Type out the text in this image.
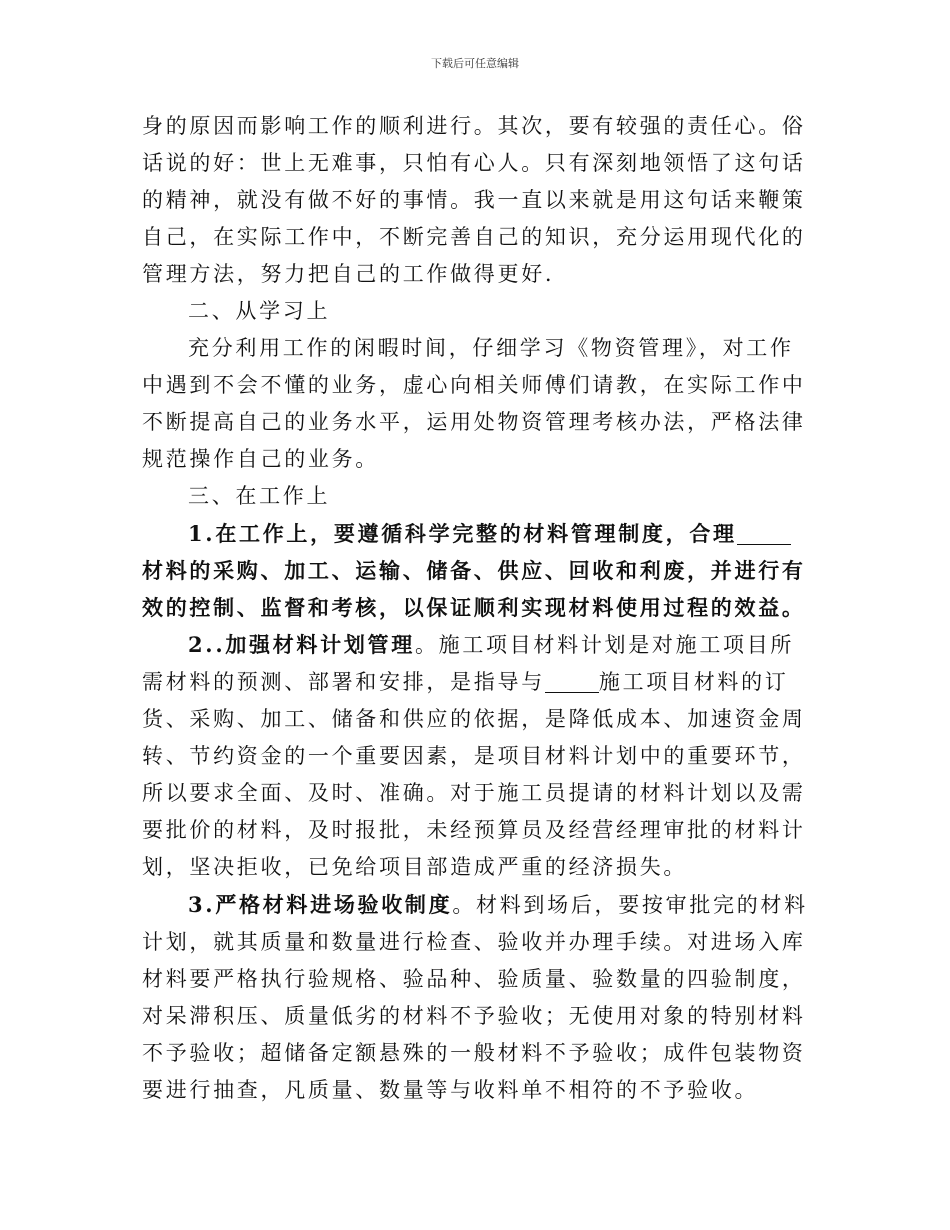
下载后可任意编辑

身的原因而影响工作的顺利进行。其次，要有较强的责任心。俗话说的好：世上无难事，只怕有心人。只有深刻地领悟了这句话的精神，就没有做不好的事情。我一直以来就是用这句话来鞭策自己，在实际工作中，不断完善自己的知识，充分运用现代化的管理方法，努力把自己的工作做得更好.

二、从学习上

充分利用工作的闲暇时间，仔细学习《物资管理》，对工作中遇到不会不懂的业务，虚心向相关师傅们请教，在实际工作中不断提高自己的业务水平，运用处物资管理考核办法，严格法律规范操作自己的业务。

三、在工作上

1.在工作上，要遵循科学完整的材料管理制度，合理材料的采购、加工、运输、储备、供应、回收和利废，并进行有效的控制、监督和考核，以保证顺利实现材料使用过程的效益。

2..加强材料计划管理。施工项目材料计划是对施工项目所需材料的预测、部署和安排，是指导与	施工项目材料的订货、采购、加工、储备和供应的依据，是降低成本、加速资金周转、节约资金的一个重要因素，是项目材料计划中的重要环节，所以要求全面、及时、准确。对于施工员提请的材料计划以及需要批价的材料，及时报批，未经预算员及经营经理审批的材料计划，坚决拒收，已免给项目部造成严重的经济损失。

3.严格材料进场验收制度。材料到场后，要按审批完的材料计划，就其质量和数量进行检查、验收并办理手续。对进场入库材料要严格执行验规格、验品种、验质量、验数量的四验制度，对呆滞积压、质量低劣的材料不予验收；无使用对象的特别材料不予验收；超储备定额悬殊的一般材料不予验收；成件包装物资要进行抽查，凡质量、数量等与收料单不相符的不予验收。
